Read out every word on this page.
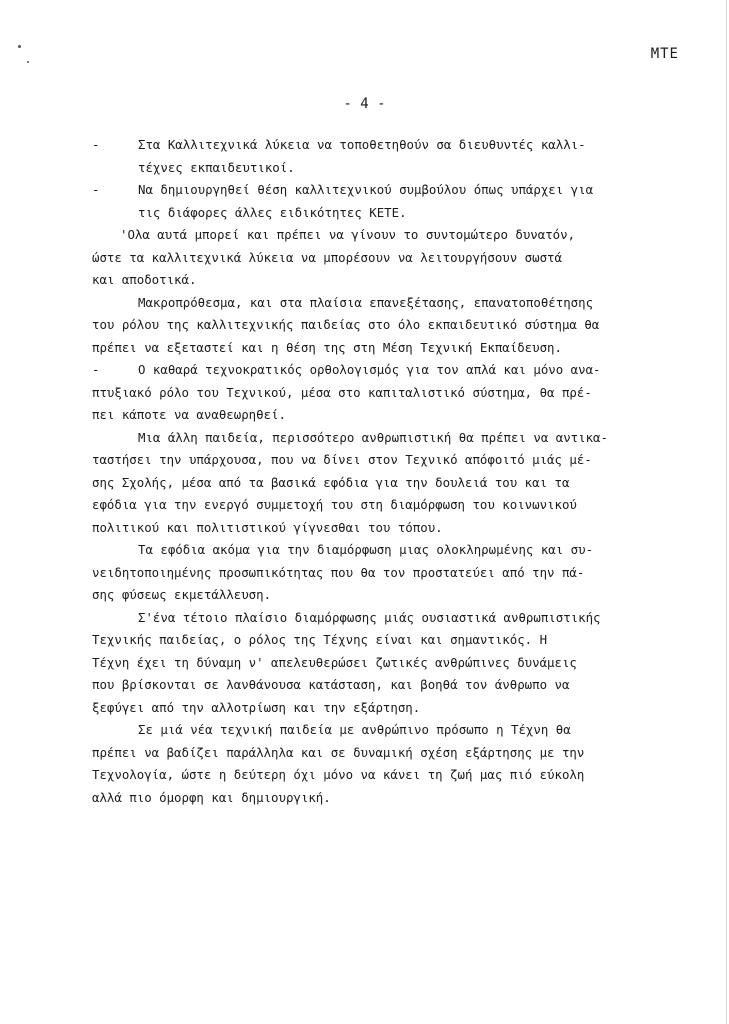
ΜΤΕ
- 4 -
-	Στα Καλλιτεχνικά λύκεια να τοποθετηθούν σα διευθυντές καλλι-
τέχνες εκπαιδευτικοί.
-	Να δημιουργηθεί θέση καλλιτεχνικού συμβούλου όπως υπάρχει για
τις διάφορες άλλες ειδικότητες ΚΕΤΕ.
'Ολα αυτά μπορεί και πρέπει να γίνουν το συντομώτερο δυνατόν,
ώστε τα καλλιτεχνικά λύκεια να μπορέσουν να λειτουργήσουν σωστά
και αποδοτικά.
Μακροπρόθεσμα, και στα πλαίσια επανεξέτασης, επανατοποθέτησης
του ρόλου της καλλιτεχνικής παιδείας στο όλο εκπαιδευτικό σύστημα θα
πρέπει να εξεταστεί και η θέση της στη Μέση Τεχνική Εκπαίδευση.
-	Ο καθαρά τεχνοκρατικός ορθολογισμός για τον απλά και μόνο ανα-
πτυξιακό ρόλο του Τεχνικού, μέσα στο καπιταλιστικό σύστημα, θα πρέ-
πει κάποτε να αναθεωρηθεί.
Μια άλλη παιδεία, περισσότερο ανθρωπιστική θα πρέπει να αντικα-
ταστήσει την υπάρχουσα, που να δίνει στον Τεχνικό απόφοιτό μιάς μέ-
σης Σχολής, μέσα από τα βασικά εφόδια για την δουλειά του και τα
εφόδια για την ενεργό συμμετοχή του στη διαμόρφωση του κοινωνικού
πολιτικού και πολιτιστικού γίγνεσθαι του τόπου.
Τα εφόδια ακόμα για την διαμόρφωση μιας ολοκληρωμένης και συ-
νειδητοποιημένης προσωπικότητας που θα τον προστατεύει από την πά-
σης φύσεως εκμετάλλευση.
Σ'ένα τέτοιο πλαίσιο διαμόρφωσης μιάς ουσιαστικά ανθρωπιστικής
Τεχνικής παιδείας, ο ρόλος της Τέχνης είναι και σημαντικός. Η
Τέχνη έχει τη δύναμη ν' απελευθερώσει ζωτικές ανθρώπινες δυνάμεις
που βρίσκονται σε λανθάνουσα κατάσταση, και βοηθά τον άνθρωπο να
ξεφύγει από την αλλοτρίωση και την εξάρτηση.
Σε μιά νέα τεχνική παιδεία με ανθρώπινο πρόσωπο η Τέχνη θα
πρέπει να βαδίζει παράλληλα και σε δυναμική σχέση εξάρτησης με την
Τεχνολογία, ώστε η δεύτερη όχι μόνο να κάνει τη ζωή μας πιό εύκολη
αλλά πιο όμορφη και δημιουργική.
